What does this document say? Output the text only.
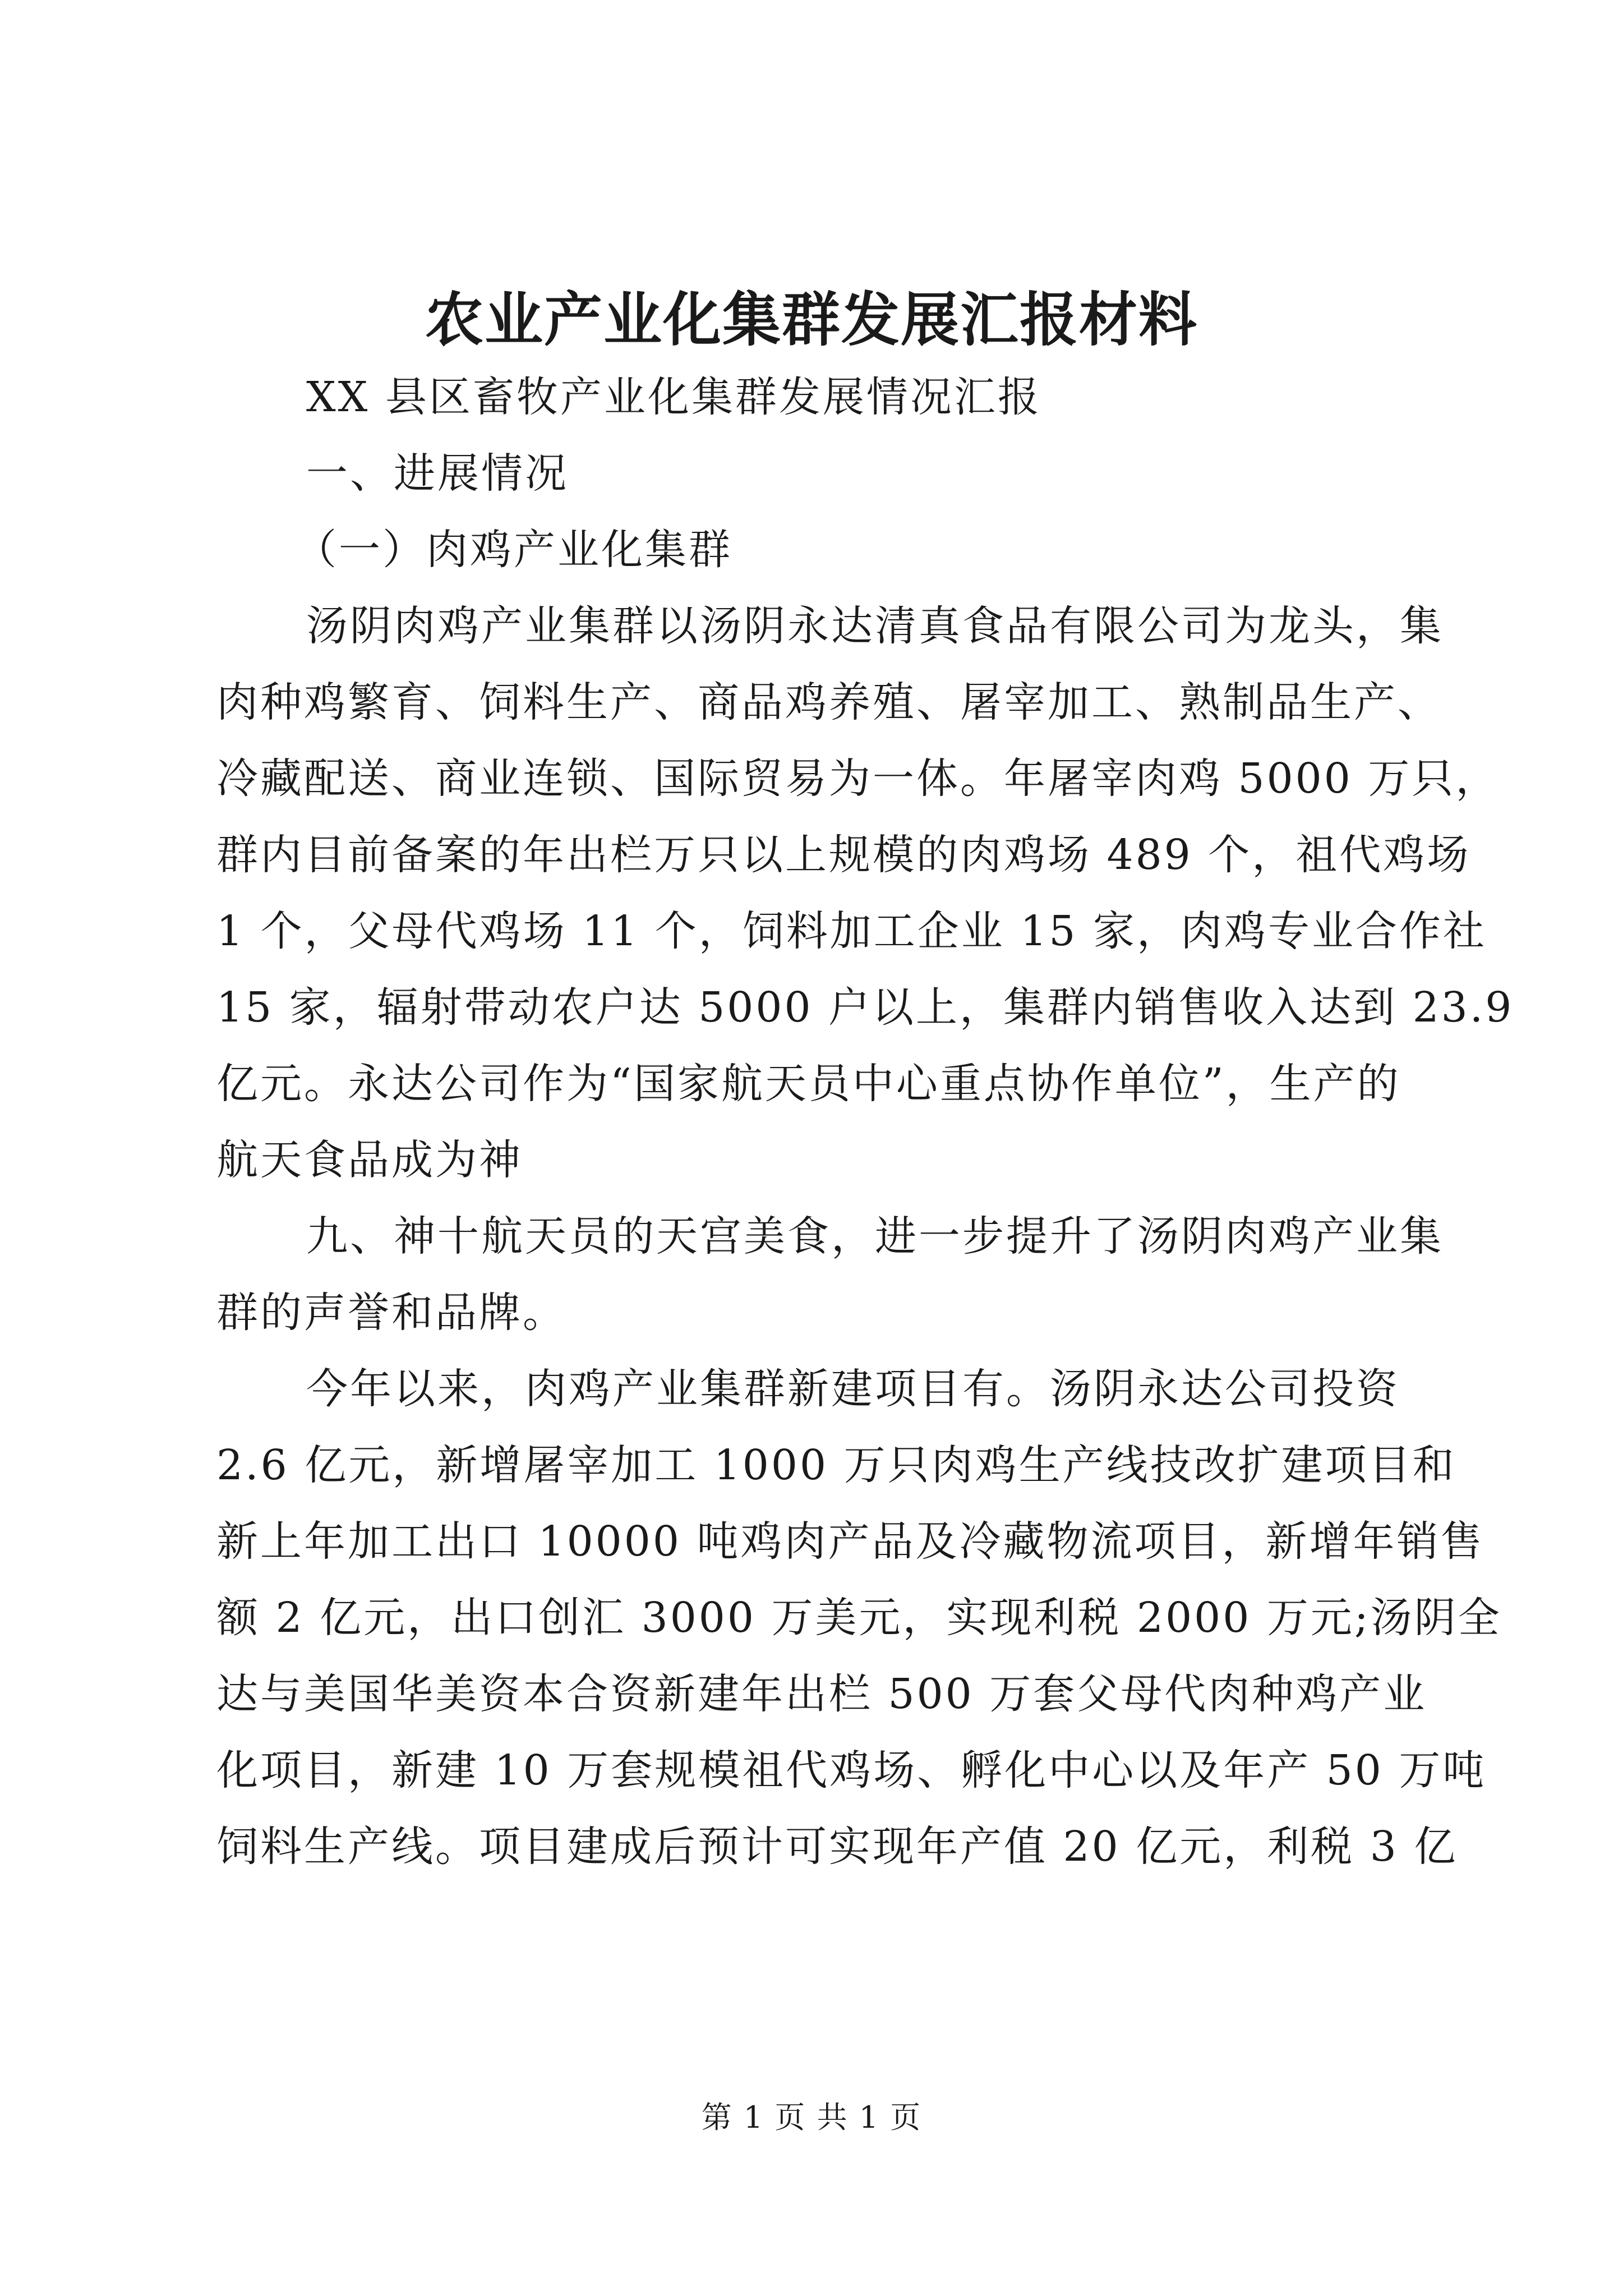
农业产业化集群发展汇报材料
XX 县区畜牧产业化集群发展情况汇报
一、进展情况
（一）肉鸡产业化集群
汤阴肉鸡产业集群以汤阴永达清真食品有限公司为龙头，集
肉种鸡繁育、饲料生产、商品鸡养殖、屠宰加工、熟制品生产、
冷藏配送、商业连锁、国际贸易为一体。年屠宰肉鸡 5000 万只，
群内目前备案的年出栏万只以上规模的肉鸡场 489 个，祖代鸡场
1 个，父母代鸡场 11 个，饲料加工企业 15 家，肉鸡专业合作社
15 家，辐射带动农户达 5000 户以上，集群内销售收入达到 23.9
亿元。永达公司作为“国家航天员中心重点协作单位”，生产的
航天食品成为神
九、神十航天员的天宫美食，进一步提升了汤阴肉鸡产业集
群的声誉和品牌。
今年以来，肉鸡产业集群新建项目有。汤阴永达公司投资
2.6 亿元，新增屠宰加工 1000 万只肉鸡生产线技改扩建项目和
新上年加工出口 10000 吨鸡肉产品及冷藏物流项目，新增年销售
额 2 亿元，出口创汇 3000 万美元，实现利税 2000 万元;汤阴全
达与美国华美资本合资新建年出栏 500 万套父母代肉种鸡产业
化项目，新建 10 万套规模祖代鸡场、孵化中心以及年产 50 万吨
饲料生产线。项目建成后预计可实现年产值 20 亿元，利税 3 亿
第 1 页 共 1 页
